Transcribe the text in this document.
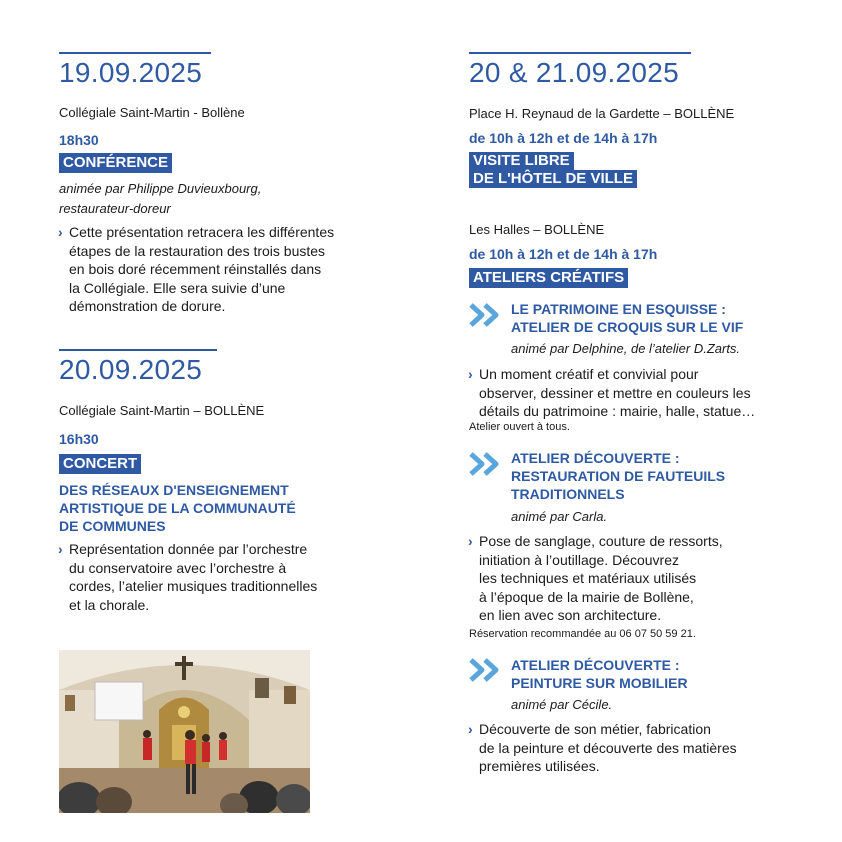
19.09.2025
Collégiale Saint-Martin - Bollène
18h30
CONFÉRENCE
animée par Philippe Duvieuxbourg,
restaurateur-doreur
› Cette présentation retracera les différentes
étapes de la restauration des trois bustes
en bois doré récemment réinstallés dans
la Collégiale. Elle sera suivie d’une
démonstration de dorure.
20.09.2025
Collégiale Saint-Martin – BOLLÈNE
16h30
CONCERT
DES RÉSEAUX D'ENSEIGNEMENT
ARTISTIQUE DE LA COMMUNAUTÉ
DE COMMUNES
› Représentation donnée par l’orchestre
du conservatoire avec l’orchestre à
cordes, l’atelier musiques traditionnelles
et la chorale.
20 & 21.09.2025
Place H. Reynaud de la Gardette – BOLLÈNE
de 10h à 12h et de 14h à 17h
VISITE LIBRE
DE L'HÔTEL DE VILLE
Les Halles – BOLLÈNE
de 10h à 12h et de 14h à 17h
ATELIERS CRÉATIFS
LE PATRIMOINE EN ESQUISSE :
ATELIER DE CROQUIS SUR LE VIF
animé par Delphine, de l’atelier D.Zarts.
› Un moment créatif et convivial pour
observer, dessiner et mettre en couleurs les
détails du patrimoine : mairie, halle, statue…
Atelier ouvert à tous.
ATELIER DÉCOUVERTE :
RESTAURATION DE FAUTEUILS
TRADITIONNELS
animé par Carla.
› Pose de sanglage, couture de ressorts,
initiation à l’outillage. Découvrez
les techniques et matériaux utilisés
à l’époque de la mairie de Bollène,
en lien avec son architecture.
Réservation recommandée au 06 07 50 59 21.
ATELIER DÉCOUVERTE :
PEINTURE SUR MOBILIER
animé par Cécile.
› Découverte de son métier, fabrication
de la peinture et découverte des matières
premières utilisées.
